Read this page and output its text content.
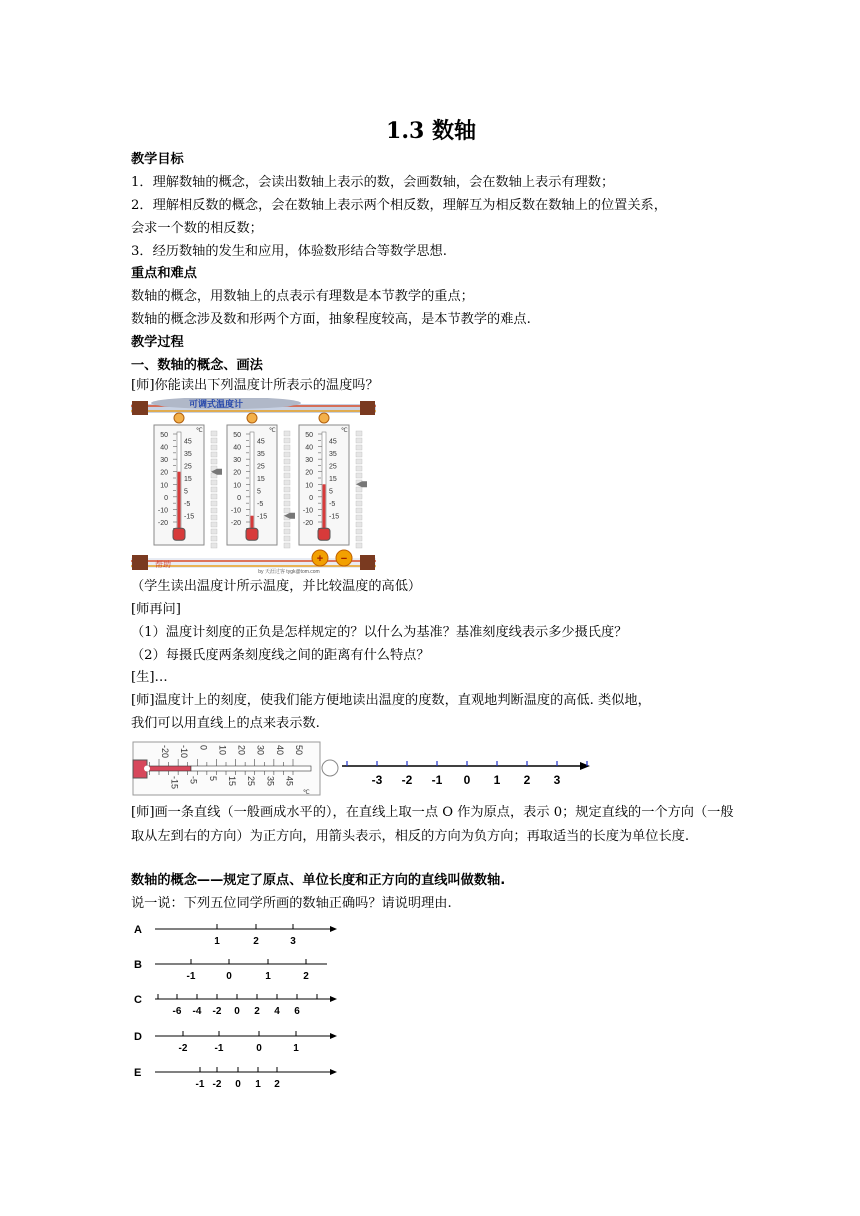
1.3 数轴
教学目标
1．理解数轴的概念，会读出数轴上表示的数，会画数轴，会在数轴上表示有理数；
2．理解相反数的概念，会在数轴上表示两个相反数，理解互为相反数在数轴上的位置关系，
会求一个数的相反数；
3．经历数轴的发生和应用，体验数形结合等数学思想.
重点和难点
数轴的概念，用数轴上的点表示有理数是本节教学的重点；
数轴的概念涉及数和形两个方面，抽象程度较高，是本节教学的难点.
教学过程
一、数轴的概念、画法
[师]你能读出下列温度计所表示的温度吗？
（学生读出温度计所示温度，并比较温度的高低）
[师再问]
（1）温度计刻度的正负是怎样规定的？以什么为基准？基准刻度线表示多少摄氏度？
（2）每摄氏度两条刻度线之间的距离有什么特点？
[生]…
[师]温度计上的刻度，使我们能方便地读出温度的度数，直观地判断温度的高低. 类似地，
我们可以用直线上的点来表示数.
[师]画一条直线（一般画成水平的），在直线上取一点 O 作为原点，表示 0；规定直线的一个方向（一般取从左到右的方向）为正方向，用箭头表示，相反的方向为负方向；再取适当的长度为单位长度.
数轴的概念——规定了原点、单位长度和正方向的直线叫做数轴.
说一说：下列五位同学所画的数轴正确吗？请说明理由.
可调式温度计
帮助
by 天涯过客 tygk@tom.com
+ −
50
40
30
20
10
0
-10
-20
45
35
25
15
5
-5
-15
℃
50
40
30
20
10
0
-10
-20
45
35
25
15
5
-5
-15
℃
50
40
30
20
10
0
-10
-20
45
35
25
15
5
-5
-15
℃
-20 -10 0 10 20 30 40 50
-15 -5 5 15 25 35 45
℃
-3 -2 -1 0 1 2 3
A
1	2	3
B
-1	0	1	2
C
-6 -4 -2 0 2 4 6
D
-2	-1	0	1
E
-1 -2 0 1 2
